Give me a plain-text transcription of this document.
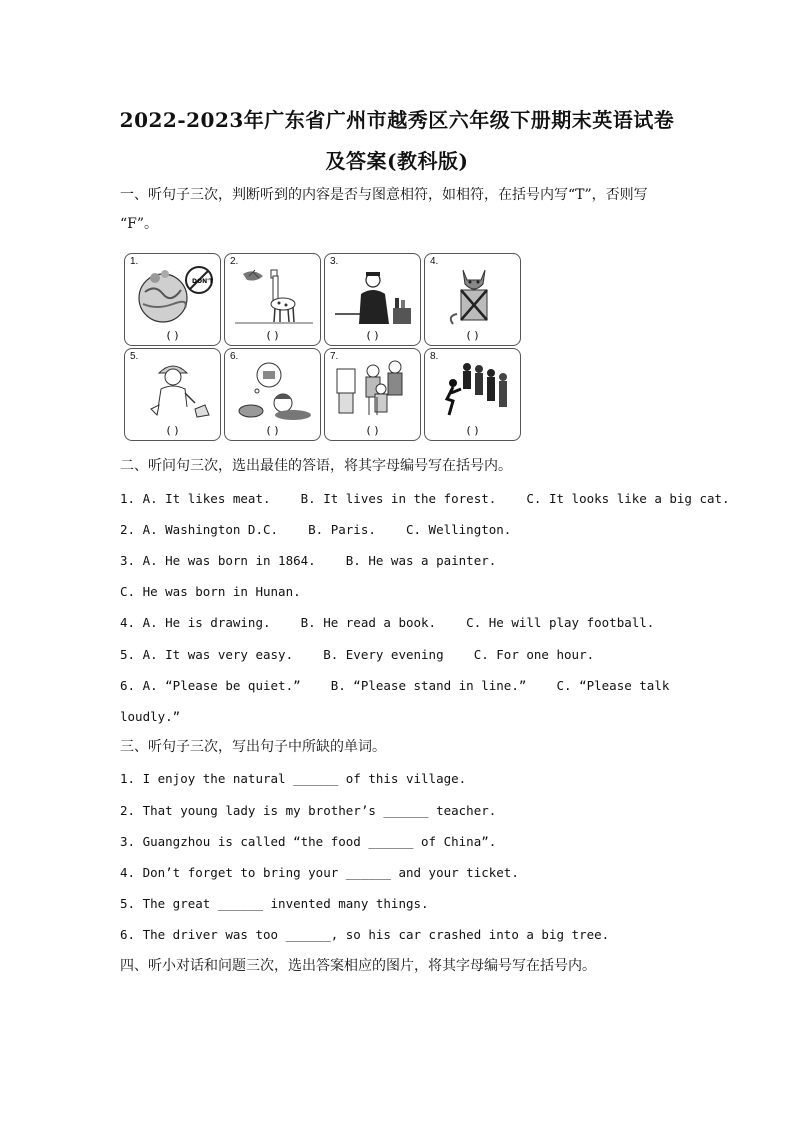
2022-2023年广东省广州市越秀区六年级下册期末英语试卷
及答案(教科版)
一、听句子三次，判断听到的内容是否与图意相符，如相符，在括号内写“T”，否则写
“F”。
1.
DON'T
( )
2.
( )
3.
( )
4.
( )
5.
( )
6.
( )
7.
( )
8.
( )
二、听问句三次，选出最佳的答语，将其字母编号写在括号内。
1. A. It likes meat.    B. It lives in the forest.    C. It looks like a big cat.
2. A. Washington D.C.    B. Paris.    C. Wellington.
3. A. He was born in 1864.    B. He was a painter.
C. He was born in Hunan.
4. A. He is drawing.    B. He read a book.    C. He will play football.
5. A. It was very easy.    B. Every evening    C. For one hour.
6. A. “Please be quiet.”    B. “Please stand in line.”    C. “Please talk
loudly.”
三、听句子三次，写出句子中所缺的单词。
1. I enjoy the natural ______ of this village.
2. That young lady is my brother’s ______ teacher.
3. Guangzhou is called “the food ______ of China”.
4. Don’t forget to bring your ______ and your ticket.
5. The great ______ invented many things.
6. The driver was too ______, so his car crashed into a big tree.
四、听小对话和问题三次，选出答案相应的图片，将其字母编号写在括号内。
